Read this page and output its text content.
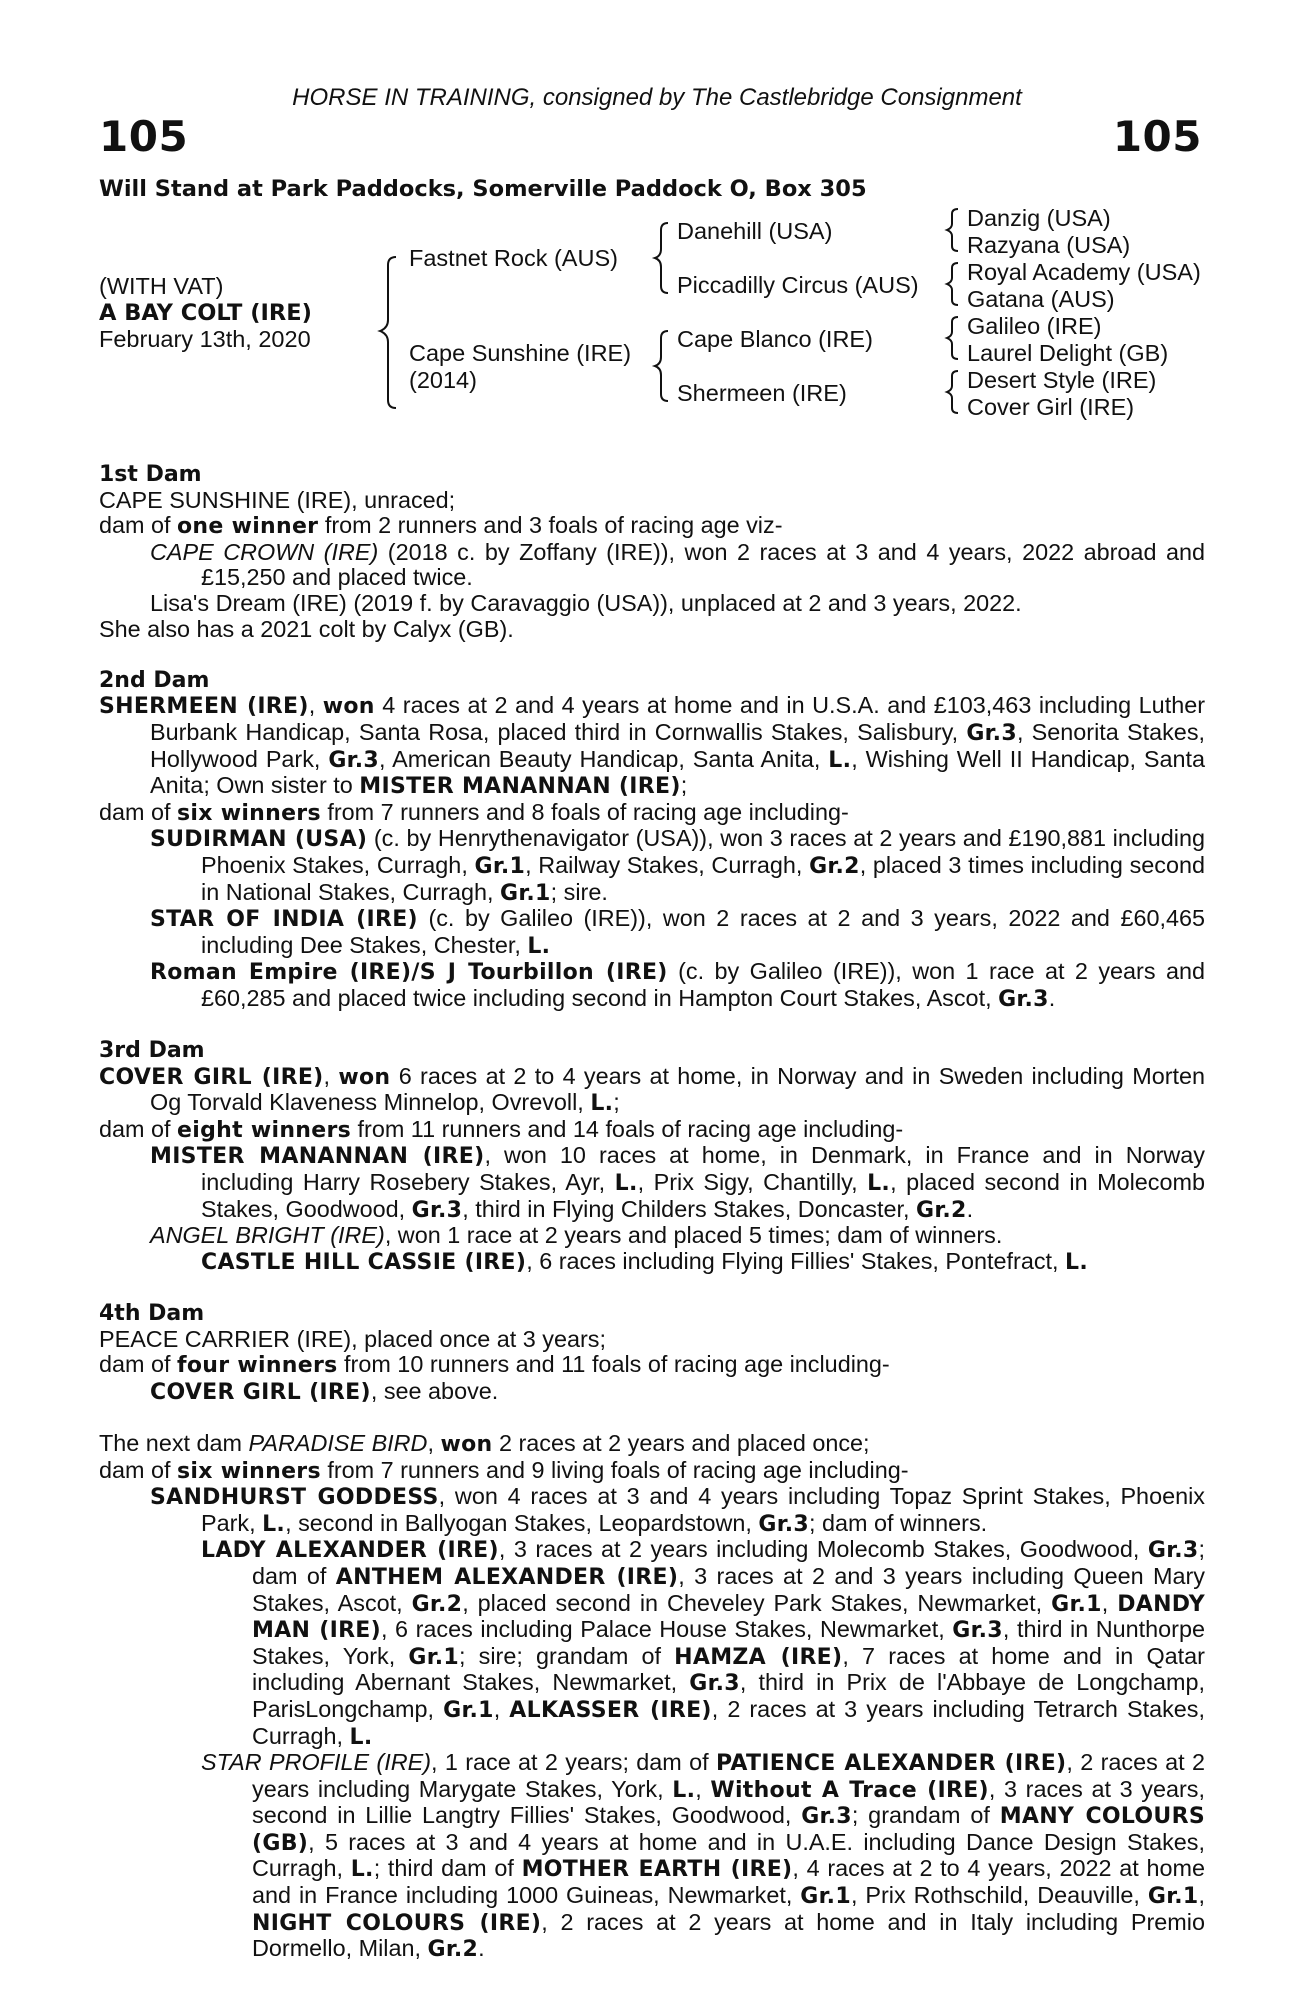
HORSE IN TRAINING, consigned by The Castlebridge Consignment
105	105
Will Stand at Park Paddocks, Somerville Paddock O, Box 305
(WITH VAT)
A BAY COLT (IRE)
February 13th, 2020
Fastnet Rock (AUS)
Cape Sunshine (IRE)
(2014)
Danehill (USA)
Piccadilly Circus (AUS)
Cape Blanco (IRE)
Shermeen (IRE)
Danzig (USA)
Razyana (USA)
Royal Academy (USA)
Gatana (AUS)
Galileo (IRE)
Laurel Delight (GB)
Desert Style (IRE)
Cover Girl (IRE)

1st Dam

CAPE SUNSHINE (IRE), unraced;

dam of one winner from 2 runners and 3 foals of racing age viz-

CAPE CROWN (IRE) (2018 c. by Zoffany (IRE)), won 2 races at 3 and 4 years, 2022 abroad and £15,250 and placed twice.

Lisa's Dream (IRE) (2019 f. by Caravaggio (USA)), unplaced at 2 and 3 years, 2022.

She also has a 2021 colt by Calyx (GB).

2nd Dam

SHERMEEN (IRE), won 4 races at 2 and 4 years at home and in U.S.A. and £103,463 including Luther Burbank Handicap, Santa Rosa, placed third in Cornwallis Stakes, Salisbury, Gr.3, Senorita Stakes, Hollywood Park, Gr.3, American Beauty Handicap, Santa Anita, L., Wishing Well II Handicap, Santa Anita; Own sister to MISTER MANANNAN (IRE);

dam of six winners from 7 runners and 8 foals of racing age including-

SUDIRMAN (USA) (c. by Henrythenavigator (USA)), won 3 races at 2 years and £190,881 including Phoenix Stakes, Curragh, Gr.1, Railway Stakes, Curragh, Gr.2, placed 3 times including second in National Stakes, Curragh, Gr.1; sire.

STAR OF INDIA (IRE) (c. by Galileo (IRE)), won 2 races at 2 and 3 years, 2022 and £60,465 including Dee Stakes, Chester, L.

Roman Empire (IRE)/S J Tourbillon (IRE) (c. by Galileo (IRE)), won 1 race at 2 years and £60,285 and placed twice including second in Hampton Court Stakes, Ascot, Gr.3.

3rd Dam

COVER GIRL (IRE), won 6 races at 2 to 4 years at home, in Norway and in Sweden including Morten Og Torvald Klaveness Minnelop, Ovrevoll, L.;

dam of eight winners from 11 runners and 14 foals of racing age including-

MISTER MANANNAN (IRE), won 10 races at home, in Denmark, in France and in Norway including Harry Rosebery Stakes, Ayr, L., Prix Sigy, Chantilly, L., placed second in Molecomb Stakes, Goodwood, Gr.3, third in Flying Childers Stakes, Doncaster, Gr.2.

ANGEL BRIGHT (IRE), won 1 race at 2 years and placed 5 times; dam of winners.

CASTLE HILL CASSIE (IRE), 6 races including Flying Fillies' Stakes, Pontefract, L.

4th Dam

PEACE CARRIER (IRE), placed once at 3 years;

dam of four winners from 10 runners and 11 foals of racing age including-

COVER GIRL (IRE), see above.

The next dam PARADISE BIRD, won 2 races at 2 years and placed once;

dam of six winners from 7 runners and 9 living foals of racing age including-

SANDHURST GODDESS, won 4 races at 3 and 4 years including Topaz Sprint Stakes, Phoenix Park, L., second in Ballyogan Stakes, Leopardstown, Gr.3; dam of winners.

LADY ALEXANDER (IRE), 3 races at 2 years including Molecomb Stakes, Goodwood, Gr.3; dam of ANTHEM ALEXANDER (IRE), 3 races at 2 and 3 years including Queen Mary Stakes, Ascot, Gr.2, placed second in Cheveley Park Stakes, Newmarket, Gr.1, DANDY MAN (IRE), 6 races including Palace House Stakes, Newmarket, Gr.3, third in Nunthorpe Stakes, York, Gr.1; sire; grandam of HAMZA (IRE), 7 races at home and in Qatar including Abernant Stakes, Newmarket, Gr.3, third in Prix de l'Abbaye de Longchamp, ParisLongchamp, Gr.1, ALKASSER (IRE), 2 races at 3 years including Tetrarch Stakes, Curragh, L.

STAR PROFILE (IRE), 1 race at 2 years; dam of PATIENCE ALEXANDER (IRE), 2 races at 2 years including Marygate Stakes, York, L., Without A Trace (IRE), 3 races at 3 years, second in Lillie Langtry Fillies' Stakes, Goodwood, Gr.3; grandam of MANY COLOURS (GB), 5 races at 3 and 4 years at home and in U.A.E. including Dance Design Stakes, Curragh, L.; third dam of MOTHER EARTH (IRE), 4 races at 2 to 4 years, 2022 at home and in France including 1000 Guineas, Newmarket, Gr.1, Prix Rothschild, Deauville, Gr.1, NIGHT COLOURS (IRE), 2 races at 2 years at home and in Italy including Premio Dormello, Milan, Gr.2.
